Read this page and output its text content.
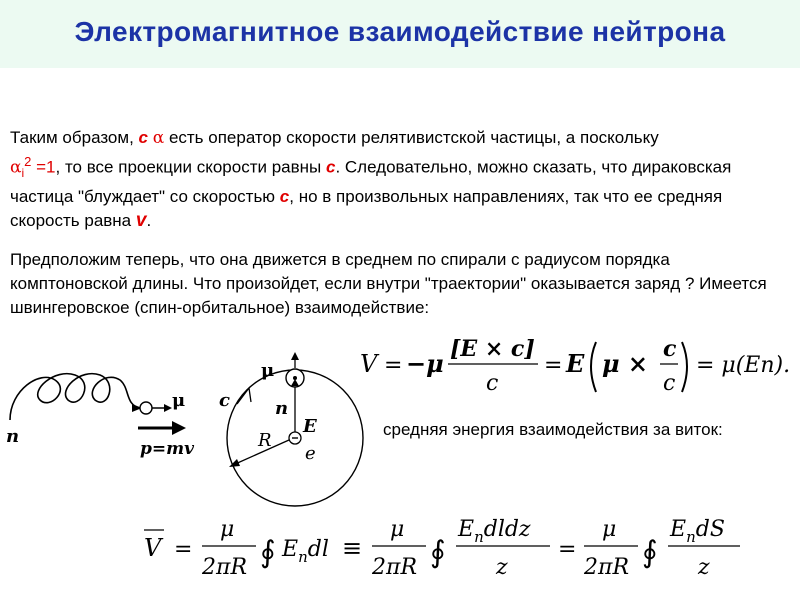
Электромагнитное взаимодействие нейтрона
Таким образом, c α есть оператор скорости релятивистской частицы, а поскольку
$\alpha_i^2 =1$, то все проекции скорости равны c. Следовательно, можно сказать, что дираковская частица "блуждает" со скоростью c, но в произвольных направлениях, так что ее средняя скорость равна v.
Предположим теперь, что она движется в среднем по спирали с радиусом порядка комптоновской длины. Что произойдет, если внутри "траектории" оказывается заряд ? Имеется швингеровское (спин-орбитальное) взаимодействие:
n
μ
p=mv
μ
c	n
E
R
e
V = −μ [E × c]
c
= E μ × c
c
= μ(En).
средняя энергия взаимодействия за виток:
V =
μ
2πR ∮ $E_ndl$ ≡
μ
2πR ∮
$E_ndldz$
z
=
μ
2πR ∮
$E_ndS$
z
